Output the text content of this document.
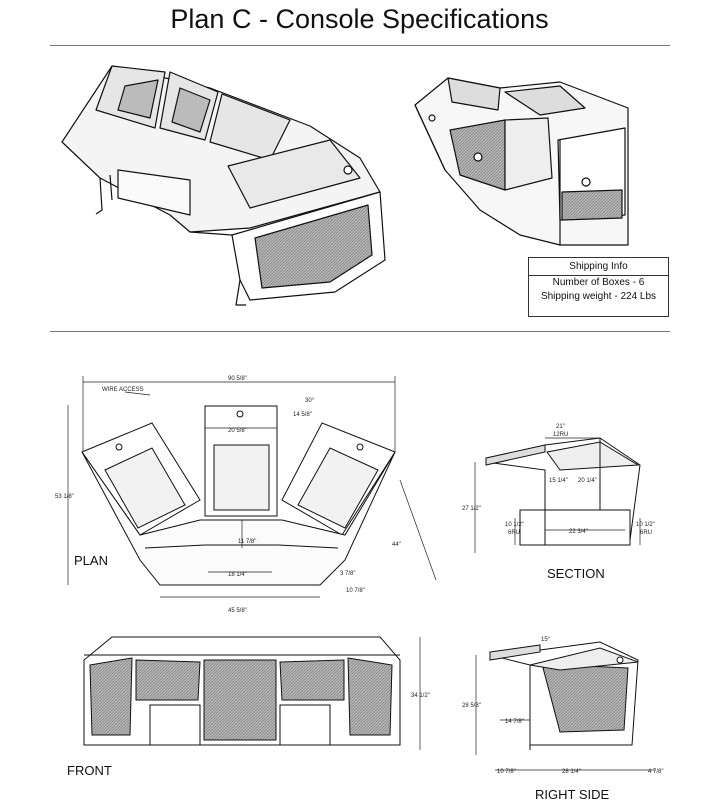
Plan C - Console Specifications
Shipping Info
Number of Boxes - 6
Shipping weight - 224 Lbs
90 5/8"
WIRE ACCESS
30°
14 5/8"
20 5/8"
53 1/8"
11 7/8"
18 1/4"
44"
3 7/8"
10 7/8"
45 5/8"
PLAN
21"
12RU
27 1/2"
15 1/4" 20 1/4"
10 1/2"
6RU	22 3/4"
10 1/2"
6RU
SECTION
34 1/2"
FRONT
15°
28 5/8"
14 7/8"
10 7/8"	28 1/4"	4 7/8"
RIGHT SIDE
